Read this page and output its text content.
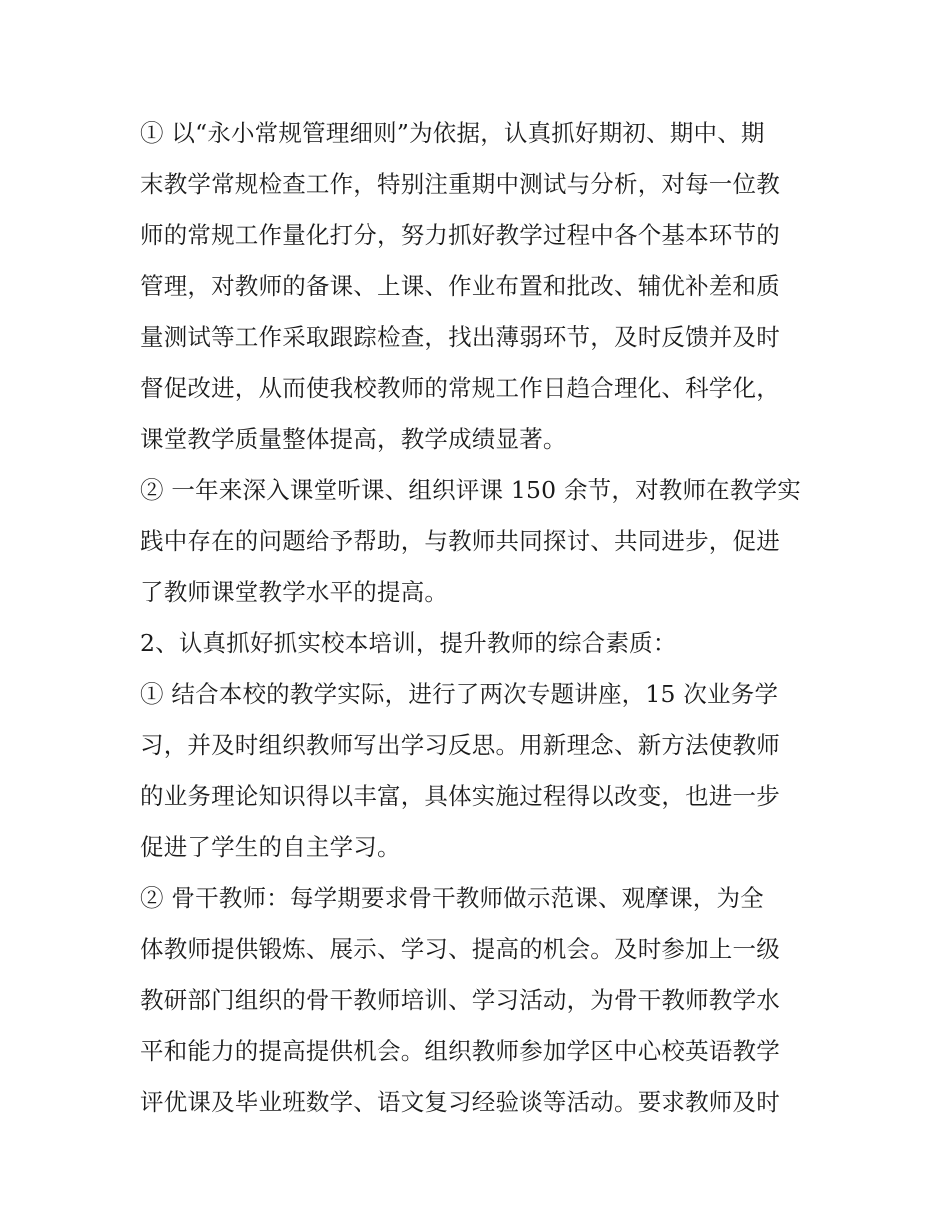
① 以“永小常规管理细则”为依据，认真抓好期初、期中、期
末教学常规检查工作，特别注重期中测试与分析，对每一位教
师的常规工作量化打分，努力抓好教学过程中各个基本环节的
管理，对教师的备课、上课、作业布置和批改、辅优补差和质
量测试等工作采取跟踪检查，找出薄弱环节，及时反馈并及时
督促改进，从而使我校教师的常规工作日趋合理化、科学化，
课堂教学质量整体提高，教学成绩显著。
② 一年来深入课堂听课、组织评课 150 余节，对教师在教学实
践中存在的问题给予帮助，与教师共同探讨、共同进步，促进
了教师课堂教学水平的提高。
2、认真抓好抓实校本培训，提升教师的综合素质：
① 结合本校的教学实际，进行了两次专题讲座，15 次业务学
习，并及时组织教师写出学习反思。用新理念、新方法使教师
的业务理论知识得以丰富，具体实施过程得以改变，也进一步
促进了学生的自主学习。
② 骨干教师：每学期要求骨干教师做示范课、观摩课，为全
体教师提供锻炼、展示、学习、提高的机会。及时参加上一级
教研部门组织的骨干教师培训、学习活动，为骨干教师教学水
平和能力的提高提供机会。组织教师参加学区中心校英语教学
评优课及毕业班数学、语文复习经验谈等活动。要求教师及时
